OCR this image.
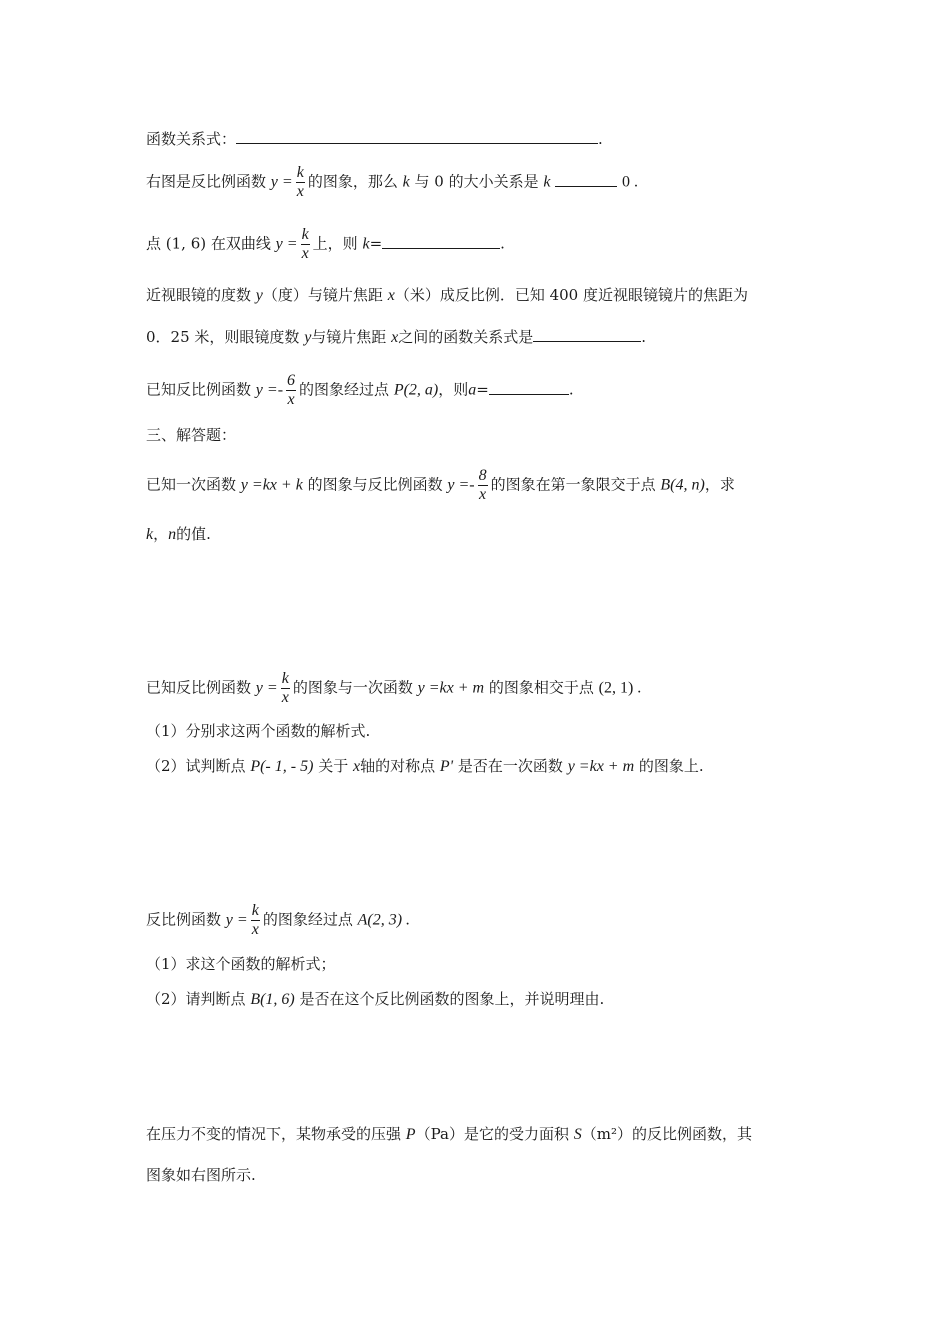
函数关系式：	.
右图是反比例函数 $y = \frac{k}{x}$ 的图象，那么 k 与 0 的大小关系是 k	0 .
点 (1, 6) 在双曲线 $y = \frac{k}{x}$ 上，则 k=	.
近视眼镜的度数 y（度）与镜片焦距 x（米）成反比例．已知 400 度近视眼镜镜片的焦距为
0．25 米，则眼镜度数 y与镜片焦距 x之间的函数关系式是	.
已知反比例函数 $y =- \frac{6}{x}$ 的图象经过点 P(2, a)，则a=	.
三、解答题：
已知一次函数 y =kx + k 的图象与反比例函数 $y =- \frac{8}{x}$ 的图象在第一象限交于点 B(4, n)，求
k，n的值.
已知反比例函数 $y = \frac{k}{x}$ 的图象与一次函数 y =kx + m 的图象相交于点 (2, 1) .
（1）分别求这两个函数的解析式.
（2）试判断点 P(- 1, - 5) 关于 x轴的对称点 P' 是否在一次函数 y =kx + m 的图象上.
反比例函数 $y = \frac{k}{x}$ 的图象经过点 A(2, 3) .
（1）求这个函数的解析式；
（2）请判断点 B(1, 6) 是否在这个反比例函数的图象上，并说明理由.
在压力不变的情况下，某物承受的压强 P（Pa）是它的受力面积 S（m²）的反比例函数，其
图象如右图所示.
